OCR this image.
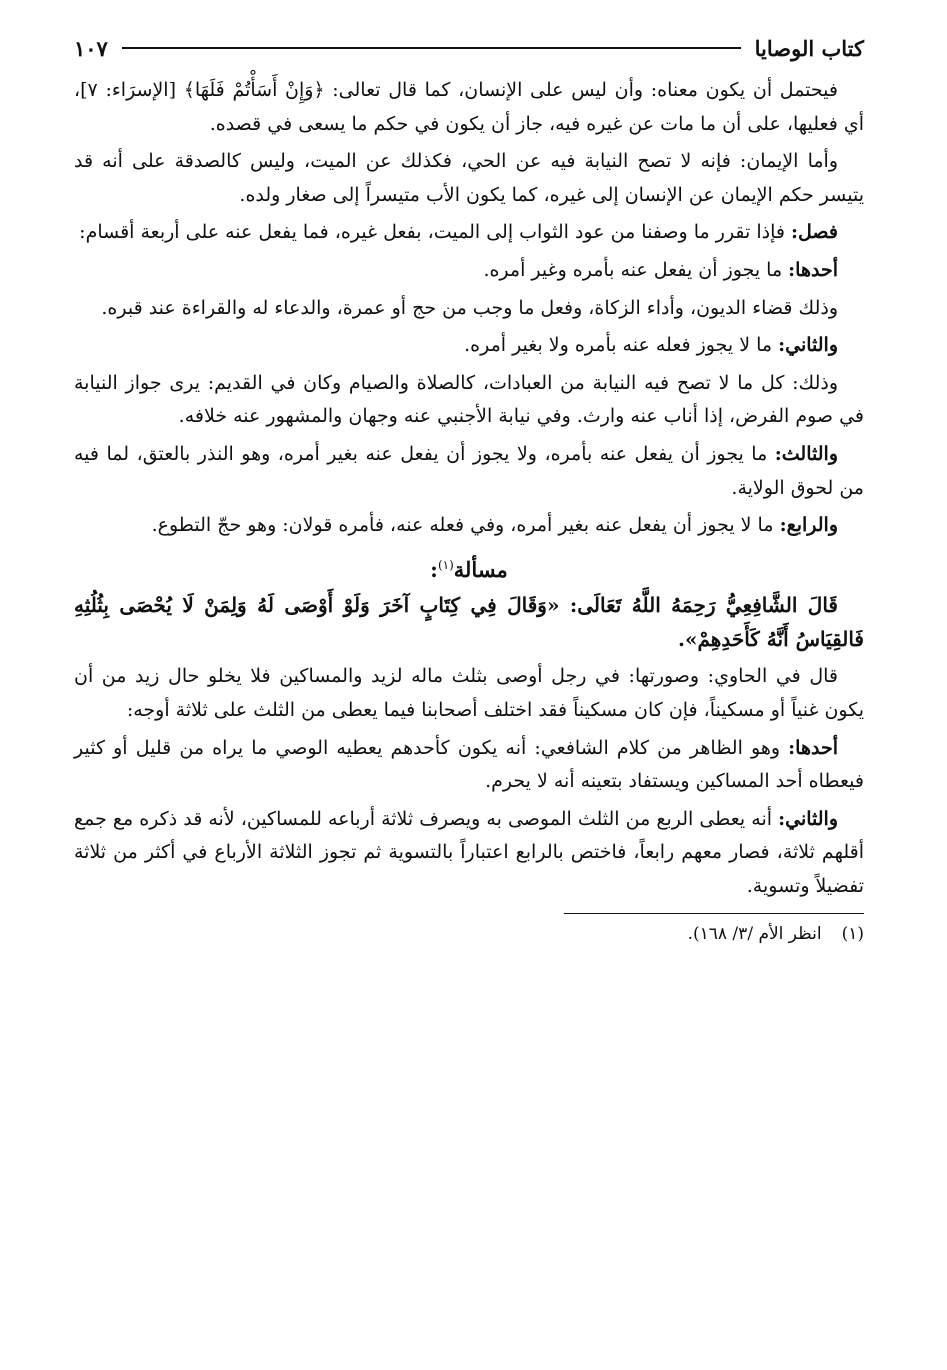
كتاب الوصايا
١٠٧

فيحتمل أن يكون معناه: وأن ليس على الإنسان، كما قال تعالى: ﴿وَإِنْ أَسَأْتُمْ فَلَهَا﴾ [الإسرَاء: ٧]، أي فعليها، على أن ما مات عن غيره فيه، جاز أن يكون في حكم ما يسعى في قصده.

وأما الإيمان: فإنه لا تصح النيابة فيه عن الحي، فكذلك عن الميت، وليس كالصدقة على أنه قد يتيسر حكم الإيمان عن الإنسان إلى غيره، كما يكون الأب متيسراً إلى صغار ولده.

فصل: فإذا تقرر ما وصفنا من عود الثواب إلى الميت، بفعل غيره، فما يفعل عنه على أربعة أقسام:

أحدها: ما يجوز أن يفعل عنه بأمره وغير أمره.

وذلك قضاء الديون، وأداء الزكاة، وفعل ما وجب من حج أو عمرة، والدعاء له والقراءة عند قبره.

والثاني: ما لا يجوز فعله عنه بأمره ولا بغير أمره.

وذلك: كل ما لا تصح فيه النيابة من العبادات، كالصلاة والصيام وكان في القديم: يرى جواز النيابة في صوم الفرض، إذا أناب عنه وارث. وفي نيابة الأجنبي عنه وجهان والمشهور عنه خلافه.

والثالث: ما يجوز أن يفعل عنه بأمره، ولا يجوز أن يفعل عنه بغير أمره، وهو النذر بالعتق، لما فيه من لحوق الولاية.

والرابع: ما لا يجوز أن يفعل عنه بغير أمره، وفي فعله عنه، فأمره قولان: وهو حجّ التطوع.

مسألة$^{(١)}$:

قَالَ الشَّافِعِيُّ رَحِمَهُ اللَّهُ تَعَالَى: «وَقَالَ فِي كِتَابٍ آخَرَ وَلَوْ أَوْصَى لَهُ وَلِمَنْ لَا يُحْصَى بِثُلُثِهِ فَالقِيَاسُ أَنَّهُ كَأَحَدِهِمْ».

قال في الحاوي: وصورتها: في رجل أوصى بثلث ماله لزيد والمساكين فلا يخلو حال زيد من أن يكون غنياً أو مسكيناً، فإن كان مسكيناً فقد اختلف أصحابنا فيما يعطى من الثلث على ثلاثة أوجه:

أحدها: وهو الظاهر من كلام الشافعي: أنه يكون كأحدهم يعطيه الوصي ما يراه من قليل أو كثير فيعطاه أحد المساكين ويستفاد بتعينه أنه لا يحرم.

والثاني: أنه يعطى الربع من الثلث الموصى به ويصرف ثلاثة أرباعه للمساكين، لأنه قد ذكره مع جمع أقلهم ثلاثة، فصار معهم رابعاً، فاختص بالرابع اعتباراً بالتسوية ثم تجوز الثلاثة الأرباع في أكثر من ثلاثة تفضيلاً وتسوية.

(١)انظر الأم /٣/ ١٦٨).
